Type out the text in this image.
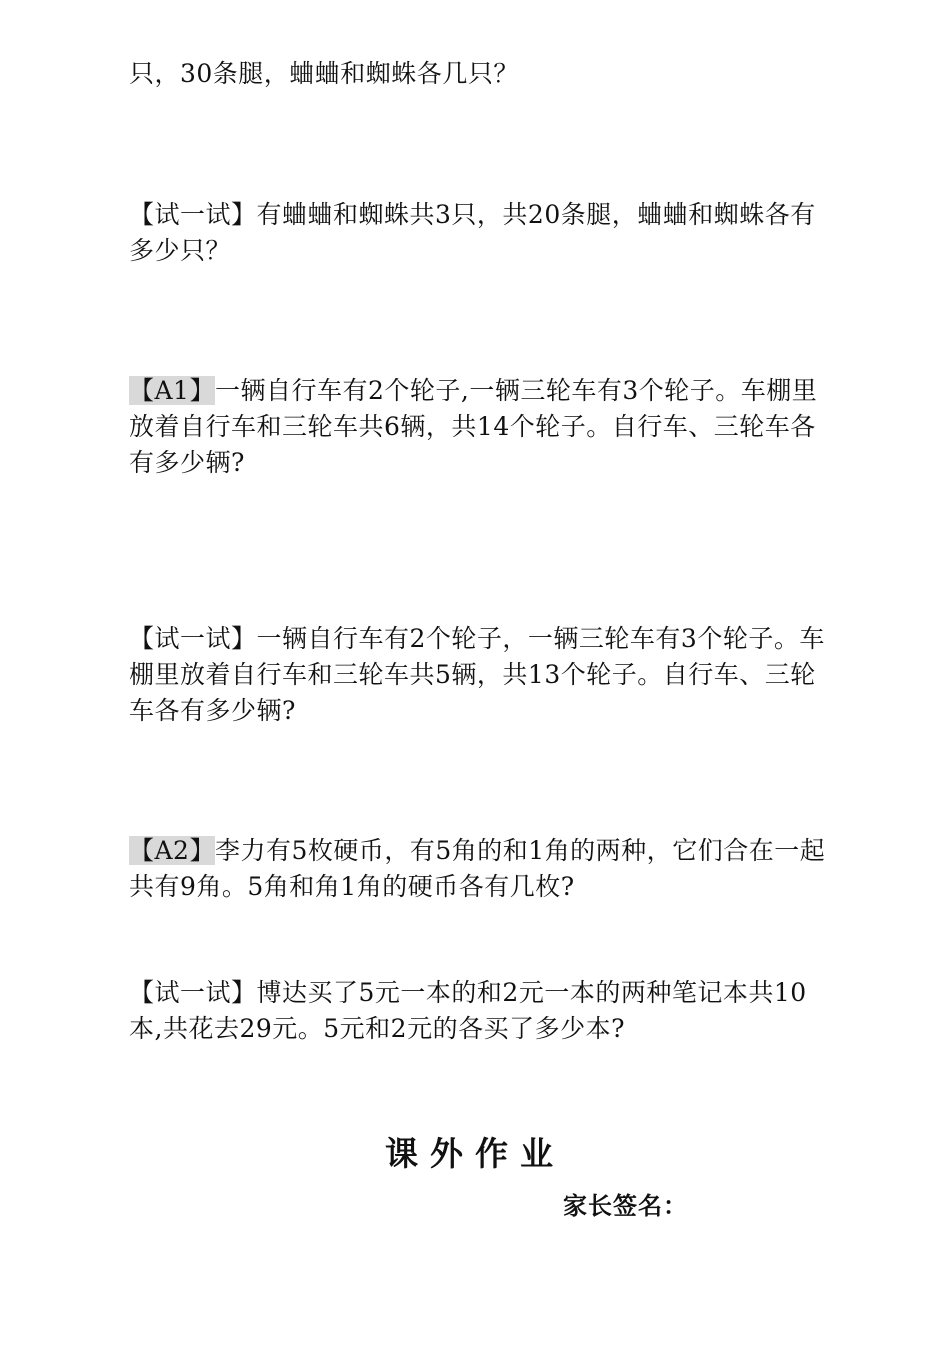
只，30条腿，蛐蛐和蜘蛛各几只？

【试一试】有蛐蛐和蜘蛛共3只，共20条腿，蛐蛐和蜘蛛各有多少只？

【A1】一辆自行车有2个轮子,一辆三轮车有3个轮子。车棚里放着自行车和三轮车共6辆，共14个轮子。自行车、三轮车各有多少辆?

【试一试】一辆自行车有2个轮子，一辆三轮车有3个轮子。车棚里放着自行车和三轮车共5辆，共13个轮子。自行车、三轮车各有多少辆?

【A2】李力有5枚硬币，有5角的和1角的两种，它们合在一起共有9角。5角和角1角的硬币各有几枚?

【试一试】博达买了5元一本的和2元一本的两种笔记本共10本,共花去29元。5元和2元的各买了多少本?

课外作业

家长签名：
